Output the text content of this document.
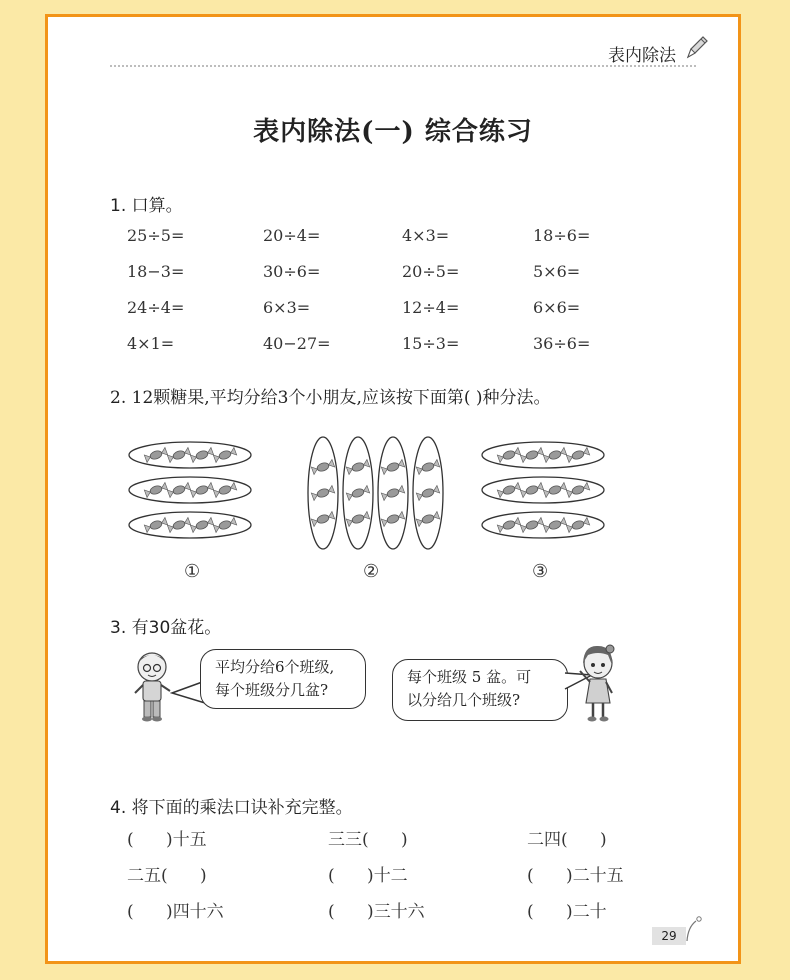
表内除法
表内除法(一) 综合练习
1. 口算。
25÷5=	20÷4=	4×3=	18÷6=
18−3=	30÷6=	20÷5=	5×6=
24÷4=	6×3=	12÷4=	6×6=
4×1=	40−27=	15÷3=	36÷6=
2. 12颗糖果,平均分给3个小朋友,应该按下面第( )种分法。
①	②	③
3. 有30盆花。
平均分给6个班级,
每个班级分几盆?
每个班级 5 盆。可
以分给几个班级?
4. 将下面的乘法口诀补充完整。
(      )十五	三三(      )	二四(      )
二五(      )	(      )十二	(      )二十五
(      )四十六	(      )三十六	(      )二十
29
